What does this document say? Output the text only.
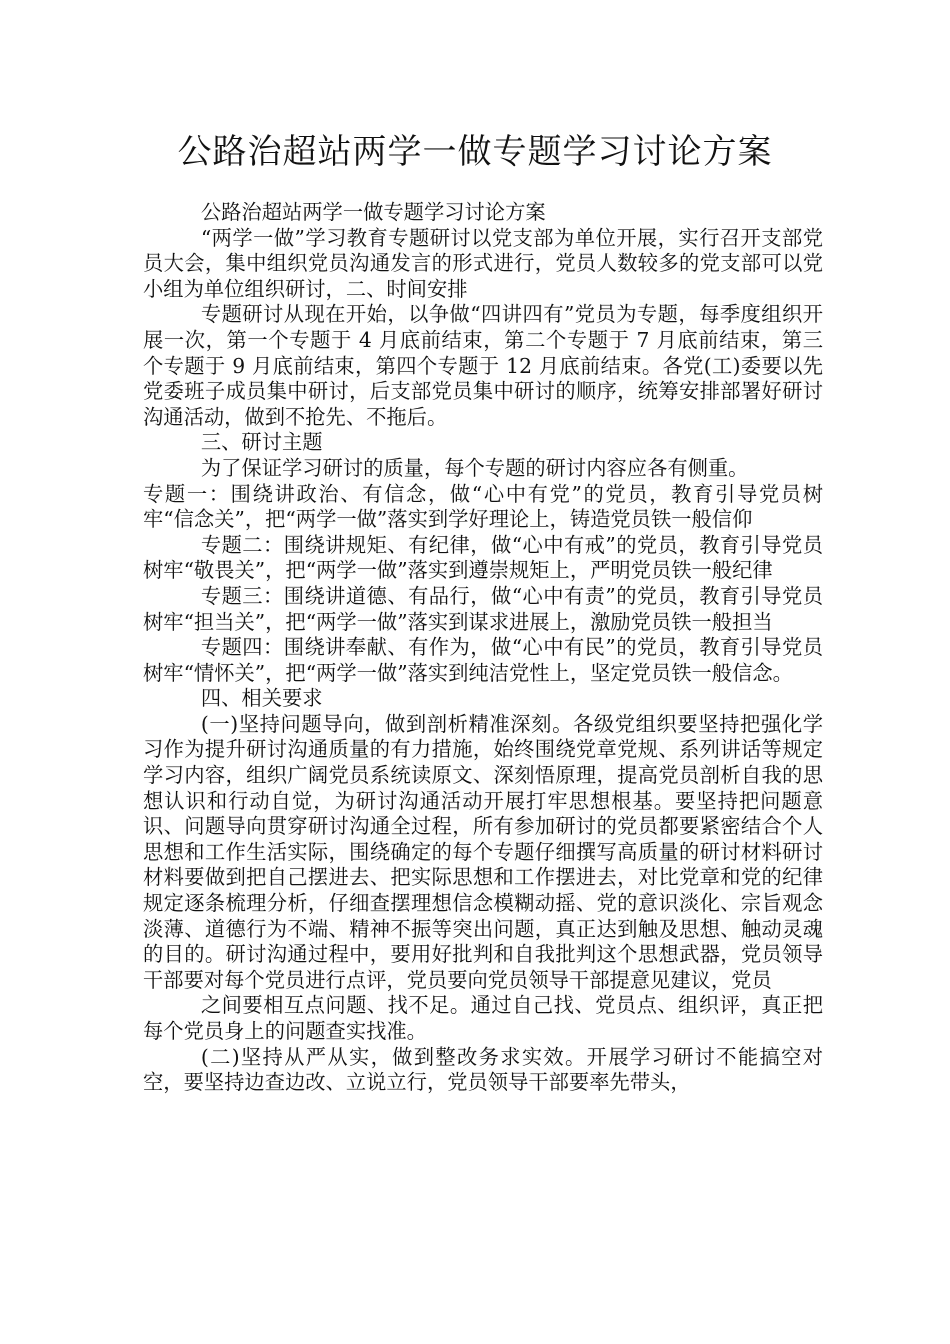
公路治超站两学一做专题学习讨论方案

公路治超站两学一做专题学习讨论方案

“两学一做”学习教育专题研讨以党支部为单位开展，实行召开支部党员大会，集中组织党员沟通发言的形式进行，党员人数较多的党支部可以党小组为单位组织研讨，二、时间安排

专题研讨从现在开始，以争做“四讲四有”党员为专题，每季度组织开展一次，第一个专题于 4 月底前结束，第二个专题于 7 月底前结束，第三个专题于 9 月底前结束，第四个专题于 12 月底前结束。各党(工)委要以先党委班子成员集中研讨，后支部党员集中研讨的顺序，统筹安排部署好研讨沟通活动，做到不抢先、不拖后。

三、研讨主题

为了保证学习研讨的质量，每个专题的研讨内容应各有侧重。

专题一：围绕讲政治、有信念，做“心中有党”的党员，教育引导党员树牢“信念关”，把“两学一做”落实到学好理论上，铸造党员铁一般信仰

专题二：围绕讲规矩、有纪律，做“心中有戒”的党员，教育引导党员树牢“敬畏关”，把“两学一做”落实到遵崇规矩上，严明党员铁一般纪律

专题三：围绕讲道德、有品行，做“心中有责”的党员，教育引导党员树牢“担当关”，把“两学一做”落实到谋求进展上，激励党员铁一般担当

专题四：围绕讲奉献、有作为，做“心中有民”的党员，教育引导党员树牢“情怀关”，把“两学一做”落实到纯洁党性上，坚定党员铁一般信念。

四、相关要求

(一)坚持问题导向，做到剖析精准深刻。各级党组织要坚持把强化学习作为提升研讨沟通质量的有力措施，始终围绕党章党规、系列讲话等规定学习内容，组织广阔党员系统读原文、深刻悟原理，提高党员剖析自我的思想认识和行动自觉，为研讨沟通活动开展打牢思想根基。要坚持把问题意识、问题导向贯穿研讨沟通全过程，所有参加研讨的党员都要紧密结合个人思想和工作生活实际，围绕确定的每个专题仔细撰写高质量的研讨材料研讨材料要做到把自己摆进去、把实际思想和工作摆进去，对比党章和党的纪律规定逐条梳理分析，仔细查摆理想信念模糊动摇、党的意识淡化、宗旨观念淡薄、道德行为不端、精神不振等突出问题，真正达到触及思想、触动灵魂的目的。研讨沟通过程中，要用好批判和自我批判这个思想武器，党员领导干部要对每个党员进行点评，党员要向党员领导干部提意见建议，党员

之间要相互点问题、找不足。通过自己找、党员点、组织评，真正把每个党员身上的问题查实找准。

(二)坚持从严从实，做到整改务求实效。开展学习研讨不能搞空对空，要坚持边查边改、立说立行，党员领导干部要率先带头，
